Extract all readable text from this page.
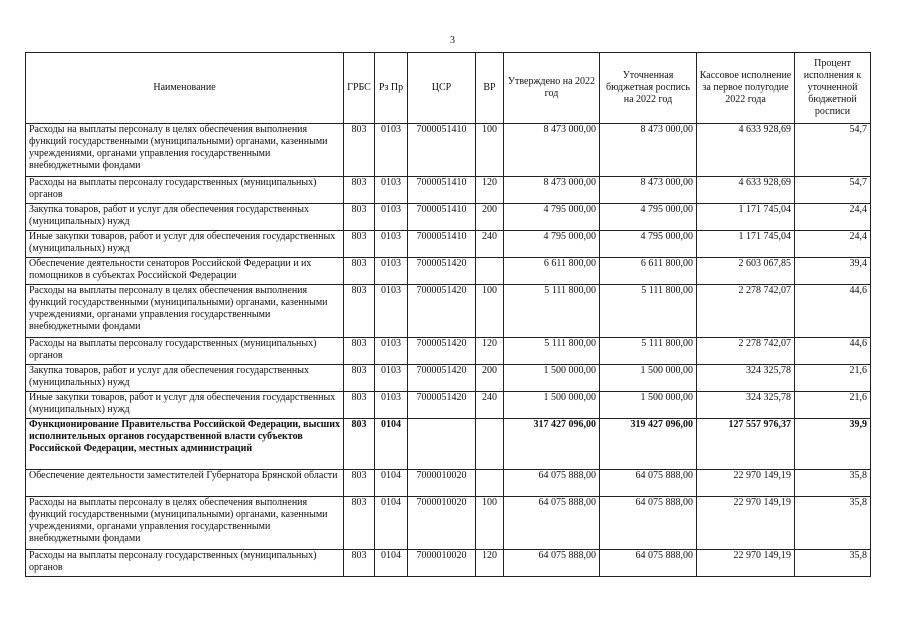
3
Наименование	ГРБС	Рз Пр	ЦСР	ВР	Утверждено на 2022 год	Уточненная бюджетная роспись на 2022 год	Кассовое исполнение за первое полугодие 2022 года	Процент исполнения к уточненной бюджетной росписи
Расходы на выплаты персоналу в целях обеспечения выполнения функций государственными (муниципальными) органами, казенными учреждениями, органами управления государственными внебюджетными фондами	803	0103	7000051410	100	8 473 000,00	8 473 000,00	4 633 928,69	54,7
Расходы на выплаты персоналу государственных (муниципальных) органов	803	0103	7000051410	120	8 473 000,00	8 473 000,00	4 633 928,69	54,7
Закупка товаров, работ и услуг для обеспечения государственных (муниципальных) нужд	803	0103	7000051410	200	4 795 000,00	4 795 000,00	1 171 745,04	24,4
Иные закупки товаров, работ и услуг для обеспечения государственных (муниципальных) нужд	803	0103	7000051410	240	4 795 000,00	4 795 000,00	1 171 745,04	24,4
Обеспечение деятельности сенаторов Российской Федерации и их помощников в субъектах Российской Федерации	803	0103	7000051420		6 611 800,00	6 611 800,00	2 603 067,85	39,4
Расходы на выплаты персоналу в целях обеспечения выполнения функций государственными (муниципальными) органами, казенными учреждениями, органами управления государственными внебюджетными фондами	803	0103	7000051420	100	5 111 800,00	5 111 800,00	2 278 742,07	44,6
Расходы на выплаты персоналу государственных (муниципальных) органов	803	0103	7000051420	120	5 111 800,00	5 111 800,00	2 278 742,07	44,6
Закупка товаров, работ и услуг для обеспечения государственных (муниципальных) нужд	803	0103	7000051420	200	1 500 000,00	1 500 000,00	324 325,78	21,6
Иные закупки товаров, работ и услуг для обеспечения государственных (муниципальных) нужд	803	0103	7000051420	240	1 500 000,00	1 500 000,00	324 325,78	21,6
Функционирование Правительства Российской Федерации, высших исполнительных органов государственной власти субъектов Российской Федерации, местных администраций	803	0104			317 427 096,00	319 427 096,00	127 557 976,37	39,9
Обеспечение деятельности заместителей Губернатора Брянской области	803	0104	7000010020		64 075 888,00	64 075 888,00	22 970 149,19	35,8
Расходы на выплаты персоналу в целях обеспечения выполнения функций государственными (муниципальными) органами, казенными учреждениями, органами управления государственными внебюджетными фондами	803	0104	7000010020	100	64 075 888,00	64 075 888,00	22 970 149,19	35,8
Расходы на выплаты персоналу государственных (муниципальных) органов	803	0104	7000010020	120	64 075 888,00	64 075 888,00	22 970 149,19	35,8
